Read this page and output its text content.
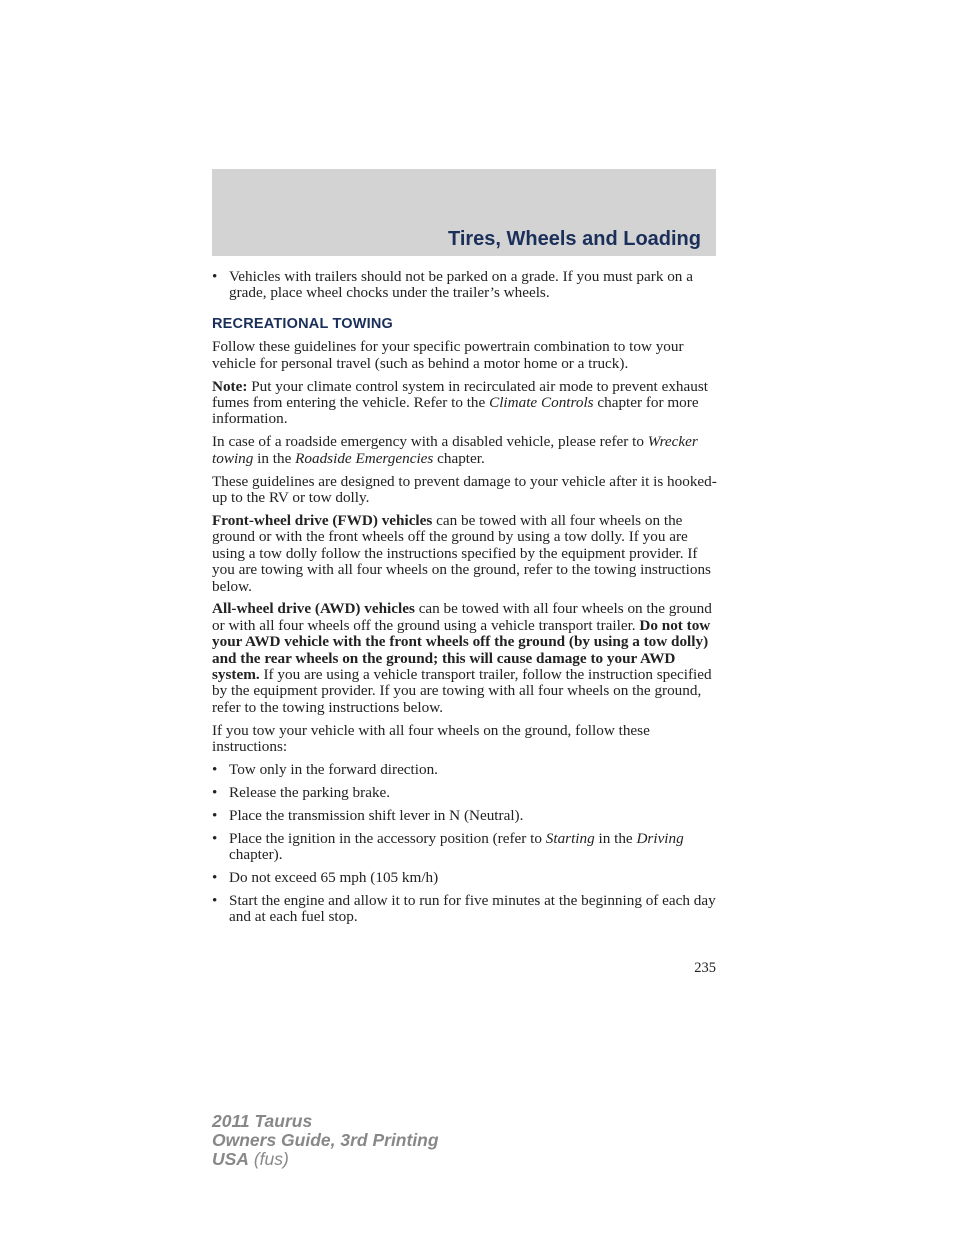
Tires, Wheels and Loading
• Vehicles with trailers should not be parked on a grade. If you must park on a grade, place wheel chocks under the trailer’s wheels.
RECREATIONAL TOWING

Follow these guidelines for your specific powertrain combination to tow your vehicle for personal travel (such as behind a motor home or a truck).

Note: Put your climate control system in recirculated air mode to prevent exhaust fumes from entering the vehicle. Refer to the Climate Controls chapter for more information.

In case of a roadside emergency with a disabled vehicle, please refer to Wrecker towing in the Roadside Emergencies chapter.

These guidelines are designed to prevent damage to your vehicle after it is hooked-up to the RV or tow dolly.

Front-wheel drive (FWD) vehicles can be towed with all four wheels on the ground or with the front wheels off the ground by using a tow dolly. If you are using a tow dolly follow the instructions specified by the equipment provider. If you are towing with all four wheels on the ground, refer to the towing instructions below.

All-wheel drive (AWD) vehicles can be towed with all four wheels on the ground or with all four wheels off the ground using a vehicle transport trailer. Do not tow your AWD vehicle with the front wheels off the ground (by using a tow dolly) and the rear wheels on the ground; this will cause damage to your AWD system. If you are using a vehicle transport trailer, follow the instruction specified by the equipment provider. If you are towing with all four wheels on the ground, refer to the towing instructions below.

If you tow your vehicle with all four wheels on the ground, follow these instructions:

• Tow only in the forward direction.
• Release the parking brake.
• Place the transmission shift lever in N (Neutral).
• Place the ignition in the accessory position (refer to Starting in the Driving chapter).
• Do not exceed 65 mph (105 km/h)
• Start the engine and allow it to run for five minutes at the beginning of each day and at each fuel stop.
235
2011 Taurus
Owners Guide, 3rd Printing
USA (fus)
